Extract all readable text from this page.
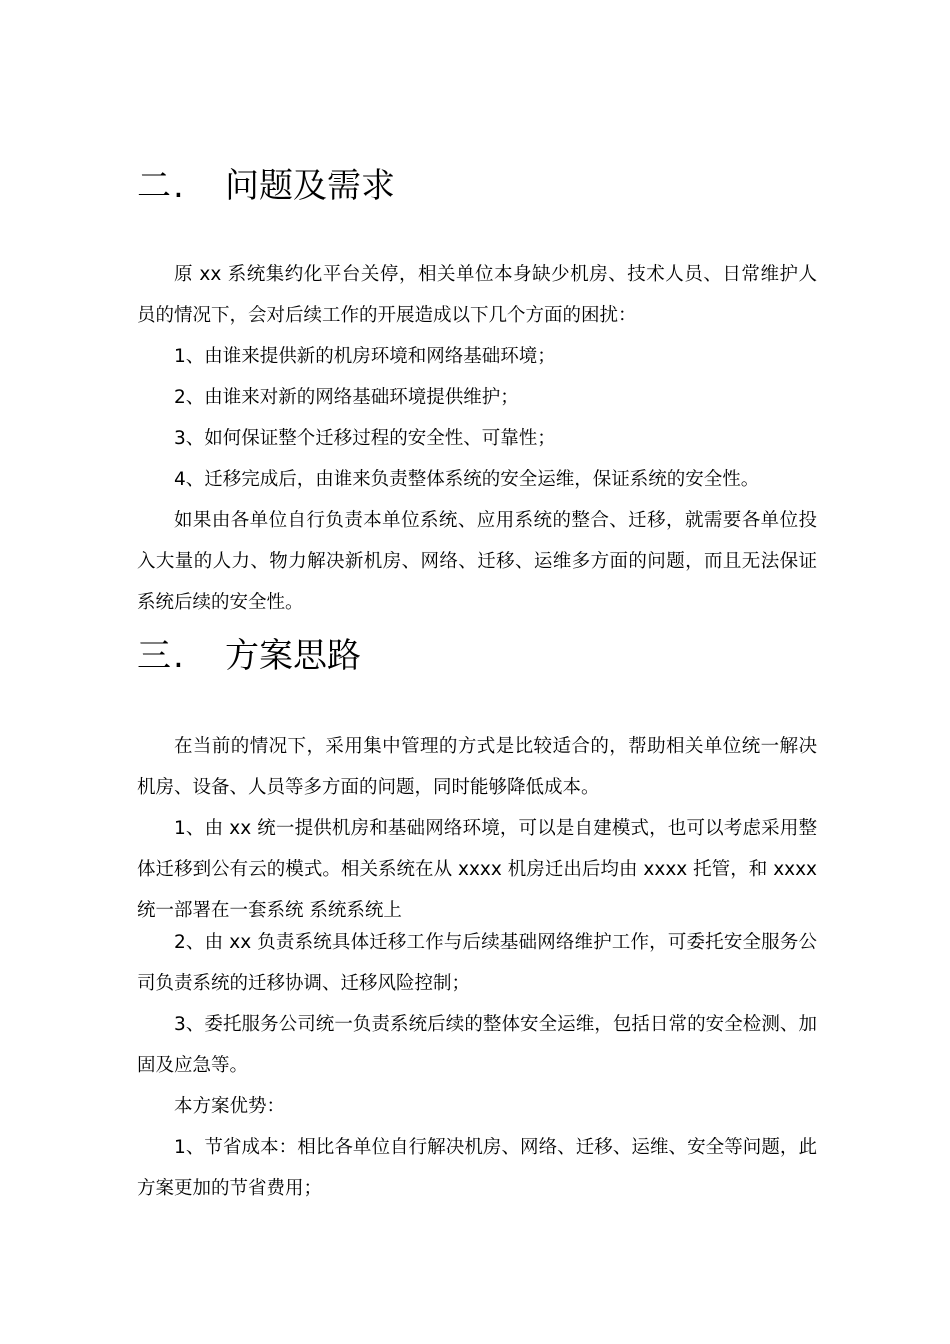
二. 问题及需求

原 xx 系统集约化平台关停，相关单位本身缺少机房、技术人员、日常维护人员的情况下，会对后续工作的开展造成以下几个方面的困扰：

1、由谁来提供新的机房环境和网络基础环境；

2、由谁来对新的网络基础环境提供维护；

3、如何保证整个迁移过程的安全性、可靠性；

4、迁移完成后，由谁来负责整体系统的安全运维，保证系统的安全性。

如果由各单位自行负责本单位系统、应用系统的整合、迁移，就需要各单位投入大量的人力、物力解决新机房、网络、迁移、运维多方面的问题，而且无法保证系统后续的安全性。

三. 方案思路

在当前的情况下，采用集中管理的方式是比较适合的，帮助相关单位统一解决机房、设备、人员等多方面的问题，同时能够降低成本。

1、由 xx 统一提供机房和基础网络环境，可以是自建模式，也可以考虑采用整体迁移到公有云的模式。相关系统在从 xxxx 机房迁出后均由 xxxx 托管，和 xxxx 统一部署在一套系统 系统系统上

2、由 xx 负责系统具体迁移工作与后续基础网络维护工作，可委托安全服务公司负责系统的迁移协调、迁移风险控制；

3、委托服务公司统一负责系统后续的整体安全运维，包括日常的安全检测、加固及应急等。

本方案优势：

1、节省成本：相比各单位自行解决机房、网络、迁移、运维、安全等问题，此方案更加的节省费用；
